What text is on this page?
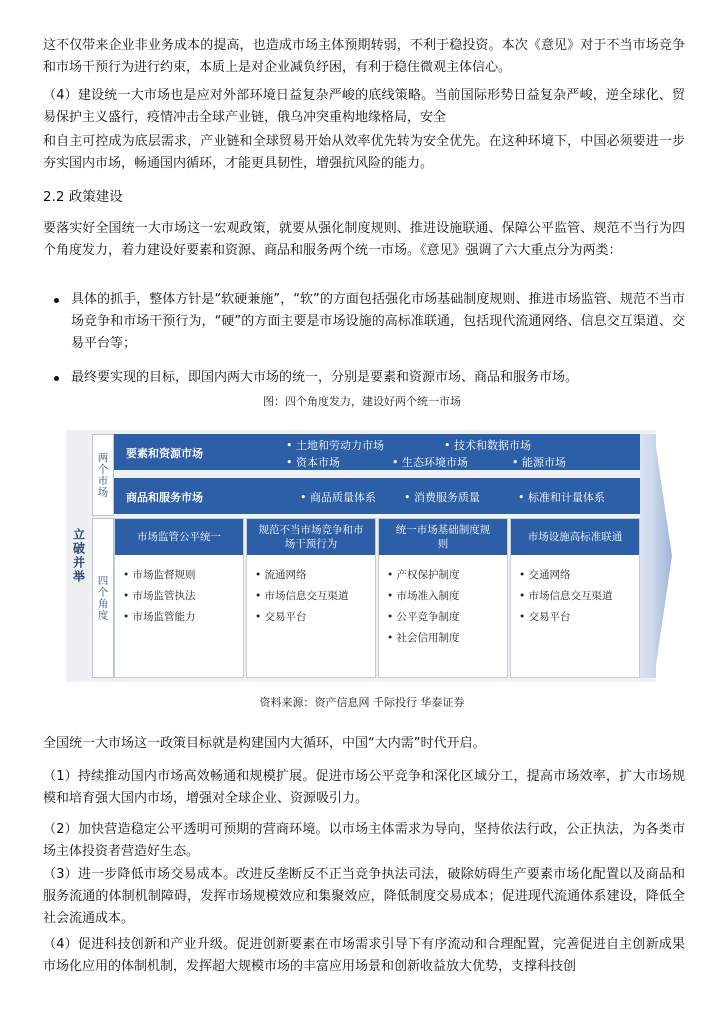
这不仅带来企业非业务成本的提高，也造成市场主体预期转弱，不利于稳投资。本次《意见》对于不当市场竞争和市场干预行为进行约束，本质上是对企业减负纾困，有利于稳住微观主体信心。

（4）建设统一大市场也是应对外部环境日益复杂严峻的底线策略。当前国际形势日益复杂严峻，逆全球化、贸易保护主义盛行，疫情冲击全球产业链，俄乌冲突重构地缘格局，安全

和自主可控成为底层需求，产业链和全球贸易开始从效率优先转为安全优先。在这种环境下，中国必须要进一步夯实国内市场，畅通国内循环，才能更具韧性，增强抗风险的能力。

2.2 政策建设

要落实好全国统一大市场这一宏观政策，就要从强化制度规则、推进设施联通、保障公平监管、规范不当行为四个角度发力，着力建设好要素和资源、商品和服务两个统一市场。《意见》强调了六大重点分为两类：

具体的抓手，整体方针是“软硬兼施”，“软”的方面包括强化市场基础制度规则、推进市场监管、规范不当市场竞争和市场干预行为，“硬”的方面主要是市场设施的高标准联通，包括现代流通网络、信息交互渠道、交易平台等；
最终要实现的目标，即国内两大市场的统一，分别是要素和资源市场、商品和服务市场。
图：四个角度发力，建设好两个统一市场
立破并举
两个市场
四个角度
要素和资源市场
• 土地和劳动力市场	• 技术和数据市场
• 资本市场	• 生态环境市场	• 能源市场
商品和服务市场	• 商品质量体系	• 消费服务质量	• 标准和计量体系
市场监管公平统一
• 市场监督规则
• 市场监管执法
• 市场监管能力
规范不当市场竞争和市场干预行为
• 流通网络
• 市场信息交互渠道
• 交易平台
统一市场基础制度规则
• 产权保护制度
• 市场准入制度
• 公平竞争制度
• 社会信用制度
市场设施高标准联通
• 交通网络
• 市场信息交互渠道
• 交易平台
资料来源：资产信息网 千际投行 华泰证券

全国统一大市场这一政策目标就是构建国内大循环，中国“大内需”时代开启。

（1）持续推动国内市场高效畅通和规模扩展。促进市场公平竞争和深化区域分工，提高市场效率，扩大市场规模和培育强大国内市场，增强对全球企业、资源吸引力。

（2）加快营造稳定公平透明可预期的营商环境。以市场主体需求为导向，坚持依法行政，公正执法，为各类市场主体投资者营造好生态。

（3）进一步降低市场交易成本。改进反垄断反不正当竞争执法司法，破除妨碍生产要素市场化配置以及商品和服务流通的体制机制障碍，发挥市场规模效应和集聚效应，降低制度交易成本；促进现代流通体系建设，降低全社会流通成本。

（4）促进科技创新和产业升级。促进创新要素在市场需求引导下有序流动和合理配置，完善促进自主创新成果市场化应用的体制机制，发挥超大规模市场的丰富应用场景和创新收益放大优势，支撑科技创
